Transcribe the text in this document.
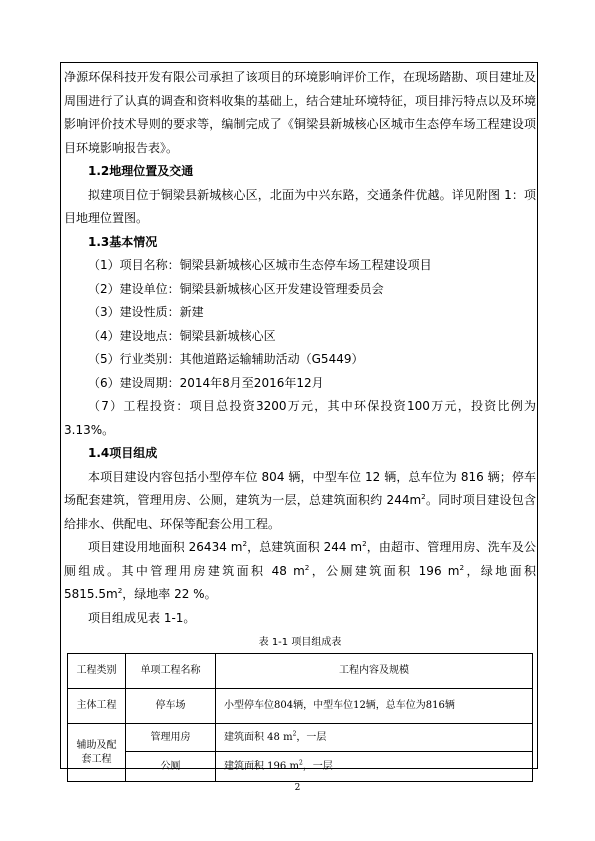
净源环保科技开发有限公司承担了该项目的环境影响评价工作，在现场踏勘、项目建址及周围进行了认真的调查和资料收集的基础上，结合建址环境特征，项目排污特点以及环境影响评价技术导则的要求等，编制完成了《铜梁县新城核心区城市生态停车场工程建设项目环境影响报告表》。

1.2地理位置及交通

拟建项目位于铜梁县新城核心区，北面为中兴东路，交通条件优越。详见附图 1：项目地理位置图。

1.3基本情况

（1）项目名称：铜梁县新城核心区城市生态停车场工程建设项目

（2）建设单位：铜梁县新城核心区开发建设管理委员会

（3）建设性质：新建

（4）建设地点：铜梁县新城核心区

（5）行业类别：其他道路运输辅助活动（G5449）

（6）建设周期：2014年8月至2016年12月

（7）工程投资：项目总投资3200万元，其中环保投资100万元，投资比例为3.13%。

1.4项目组成

本项目建设内容包括小型停车位 804 辆，中型车位 12 辆，总车位为 816 辆；停车场配套建筑，管理用房、公厕，建筑为一层，总建筑面积约 $244m^2$。同时项目建设包含给排水、供配电、环保等配套公用工程。

项目建设用地面积 26434 $m^2$，总建筑面积 244 $m^2$，由超市、管理用房、洗车及公厕组成。其中管理用房建筑面积 48 $m^2$，公厕建筑面积 196 $m^2$，绿地面积 $5815.5m^2$，绿地率 22 %。

项目组成见表 1-1。

表 1-1 项目组成表

工程类别	单项工程名称	工程内容及规模
主体工程	停车场	小型停车位804辆，中型车位12辆，总车位为816辆
辅助及配套工程	管理用房	建筑面积 48 $m^2$，一层
	公厕	建筑面积 196 $m^2$，一层
2
